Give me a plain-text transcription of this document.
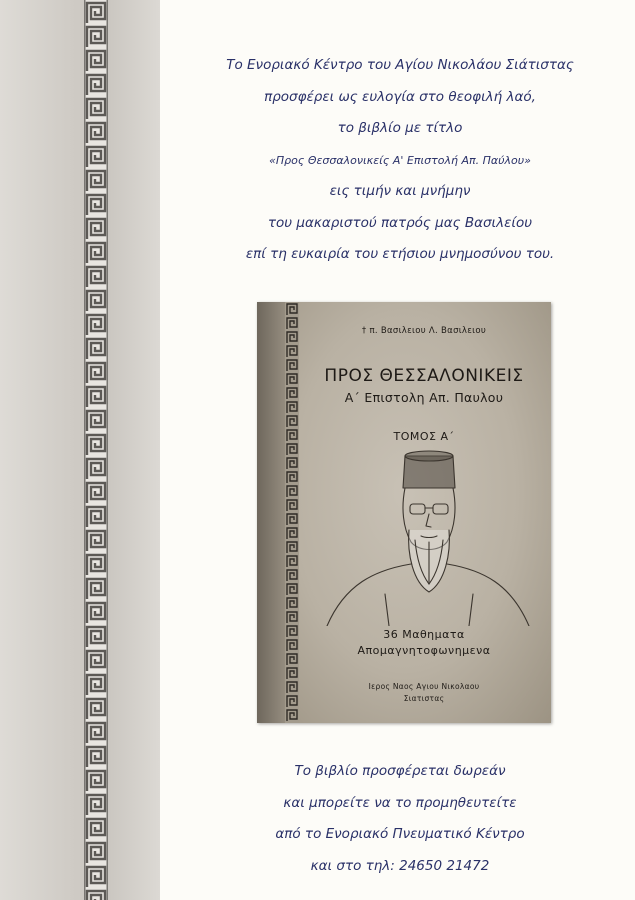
Το Ενοριακό Κέντρο του Αγίου Νικολάου Σιάτιστας
προσφέρει ως ευλογία στο θεοφιλή λαό,
το βιβλίο με τίτλο
«Προς Θεσσαλονικείς Α' Επιστολή Απ. Παύλου»
εις τιμήν και μνήμην
του μακαριστού πατρός μας Βασιλείου
επί τη ευκαιρία του ετήσιου μνημοσύνου του.
† π. Βασιλειου Λ. Βασιλειου
ΠΡΟΣ ΘΕΣΣΑΛΟΝΙΚΕΙΣ
Α΄ Επιστολη Απ. Παυλου
ΤΟΜΟΣ Α΄
36 Μαθηματα
Απομαγνητοφωνημενα
Ιερος Ναος Αγιου Νικολαου
Σιατιστας
Το βιβλίο προσφέρεται δωρεάν
και μπορείτε να το προμηθευτείτε
από το Ενοριακό Πνευματικό Κέντρο
και στο τηλ: 24650 21472
